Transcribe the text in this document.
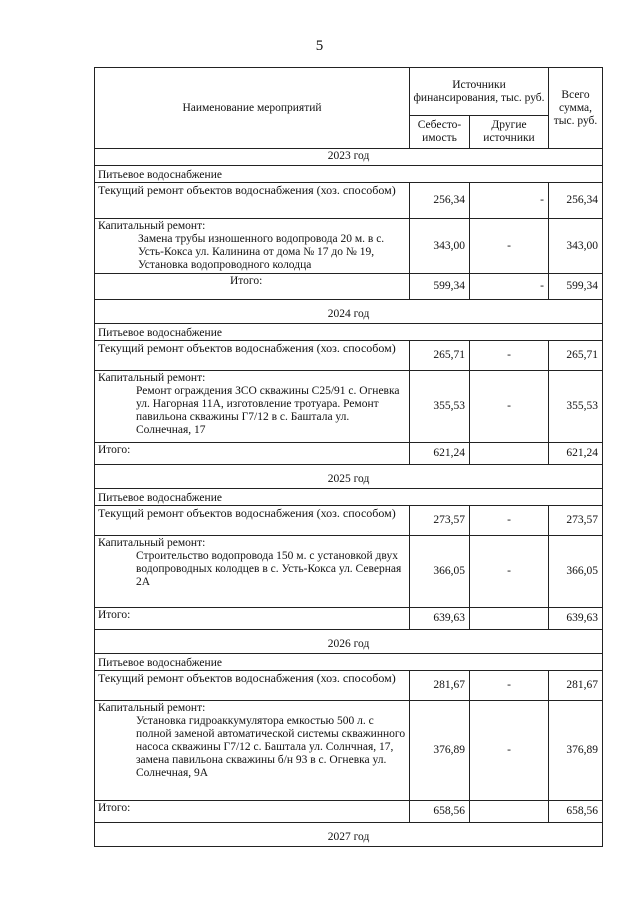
5
Наименование мероприятий	Источники финансирования, тыс. руб.		Всего сумма, тыс. руб.
	Себесто-имость	Другие источники	
2023 год			
Питьевое водоснабжение			
Текущий ремонт объектов водоснабжения (хоз. способом)	256,34	-	256,34

Капитальный ремонт:
Замена трубы изношенного водопровода 20 м. в с. Усть-Кокса ул. Калинина от дома № 17 до № 19, Установка водопроводного колодца	343,00	-	343,00
Итого:	599,34	-	599,34
2024 год			
Питьевое водоснабжение			
Текущий ремонт объектов водоснабжения (хоз. способом)	265,71	-	265,71

Капитальный ремонт:
Ремонт ограждения ЗСО скважины С25/91 с. Огневка ул. Нагорная 11А, изготовление тротуара. Ремонт павильона скважины Г7/12 в с. Баштала ул. Солнечная, 17	355,53	-	355,53
Итого:	621,24		621,24
2025 год			
Питьевое водоснабжение			
Текущий ремонт объектов водоснабжения (хоз. способом)	273,57	-	273,57

Капитальный ремонт:
Строительство водопровода 150 м. с установкой двух водопроводных колодцев в с. Усть-Кокса ул. Северная 2А	366,05	-	366,05
Итого:	639,63		639,63
2026 год			
Питьевое водоснабжение			
Текущий ремонт объектов водоснабжения (хоз. способом)	281,67	-	281,67

Капитальный ремонт:
Установка гидроаккумулятора емкостью 500 л. с полной заменой автоматической системы скважинного насоса скважины Г7/12 с. Баштала ул. Солнчная, 17, замена павильона скважины б/н 93 в с. Огневка ул. Солнечная, 9А	376,89	-	376,89
Итого:	658,56		658,56
2027 год			
